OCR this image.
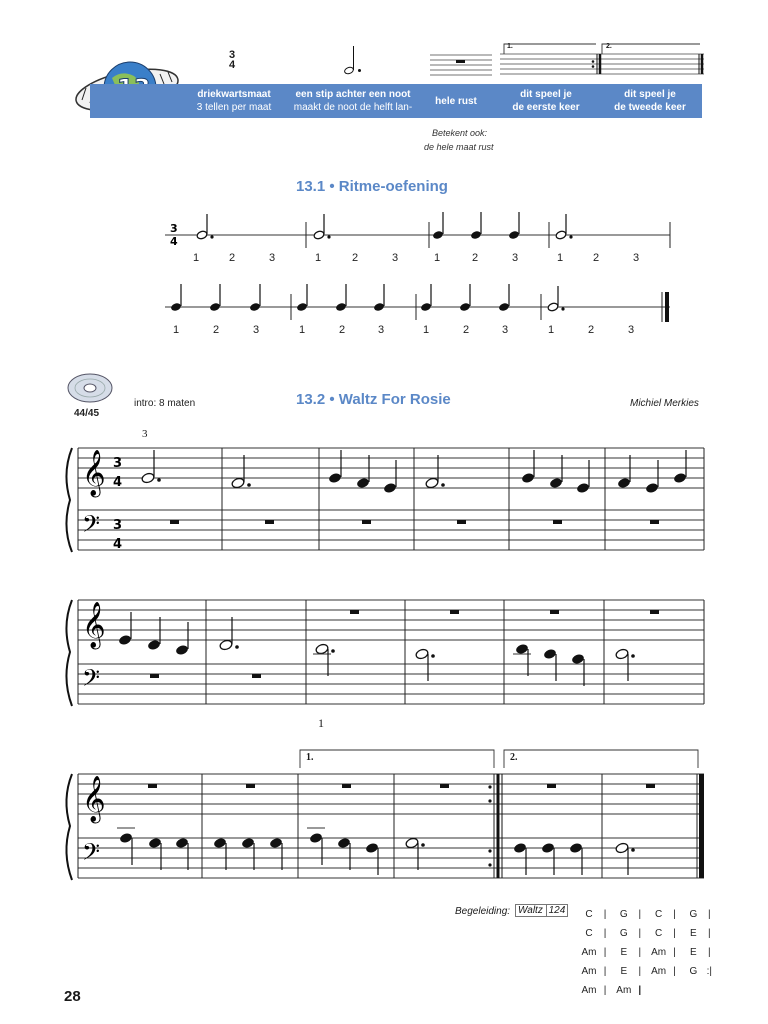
3
4
1.	2.
driekwartsmaat
3 tellen per maat
een stip achter een noot
maakt de noot de helft lan-
hele rust
dit speel je
de eerste keer
dit speel je
de tweede keer
Betekent ook:
de hele maat rust
13.1 • Ritme-oefening
3
4
1	2	3	1	2	3	1	2	3	1	2	3
1	2	3	1	2	3	1	2	3	1	2	3
44/45
intro: 8 maten	13.2 • Waltz For Rosie	Michiel Merkies
𝄞
𝄢
3
4
3
4
3
𝄞
𝄢
1
𝄞
𝄢
1.	2.
Begeleiding: Waltz 124	C | G | C | G |
C | G | C | E |
Am | E | Am | E |
Am | E | Am | G :|
Am | Am |
28
